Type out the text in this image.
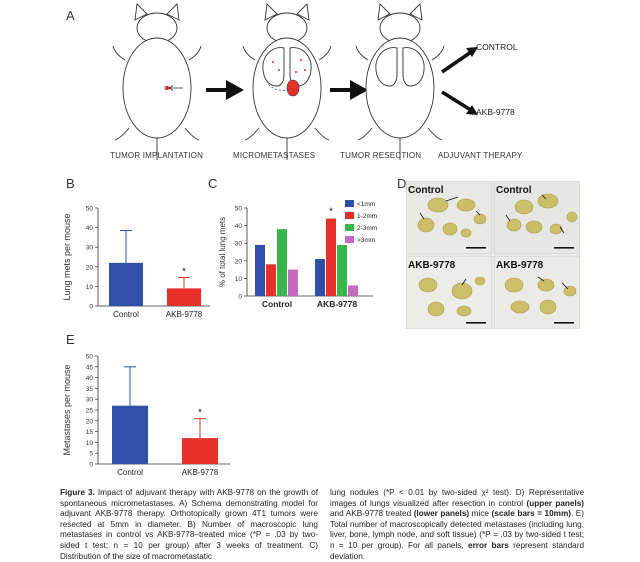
A
CONTROL
AKB-9778
TUMOR IMPLANTATION	MICROMETASTASES	TUMOR RESECTION ADJUVANT THERAPY
B
0
10
20
30
40
50
Lung mets per mouse
Control	AKB-9778
*
C
0
10
20
30
40
50
% of total lung mets
Control	AKB-9778
*
<1mm
1-2mm
2-3mm
>3mm
D Control	Control
AKB-9778	AKB-9778
E
0
5
10
15
20
25
30
35
40
45
50
Metastases per mouse
Control	AKB-9778
*
Figure 3. Impact of adjuvant therapy with AKB-9778 on the growth of spontaneous micrometastases. A) Schema demonstrating model for adjuvant AKB-9778 therapy. Orthotopically grown 4T1 tumors were resected at 5mm in diameter. B) Number of macroscopic lung metastases in control vs AKB-9778–treated mice (*P = .03 by two-sided t test; n = 10 per group) after 3 weeks of treatment. C) Distribution of the size of macrometastatic
lung nodules (*P < 0.01 by two-sided χ² test). D) Representative images of lungs visualized after resection in control (upper panels) and AKB-9778 treated (lower panels) mice (scale bars = 10mm). E) Total number of macroscopically detected metastases (including lung, liver, bone, lymph node, and soft tissue) (*P = .03 by two-sided t test; n = 10 per group). For all panels, error bars represent standard deviation.
